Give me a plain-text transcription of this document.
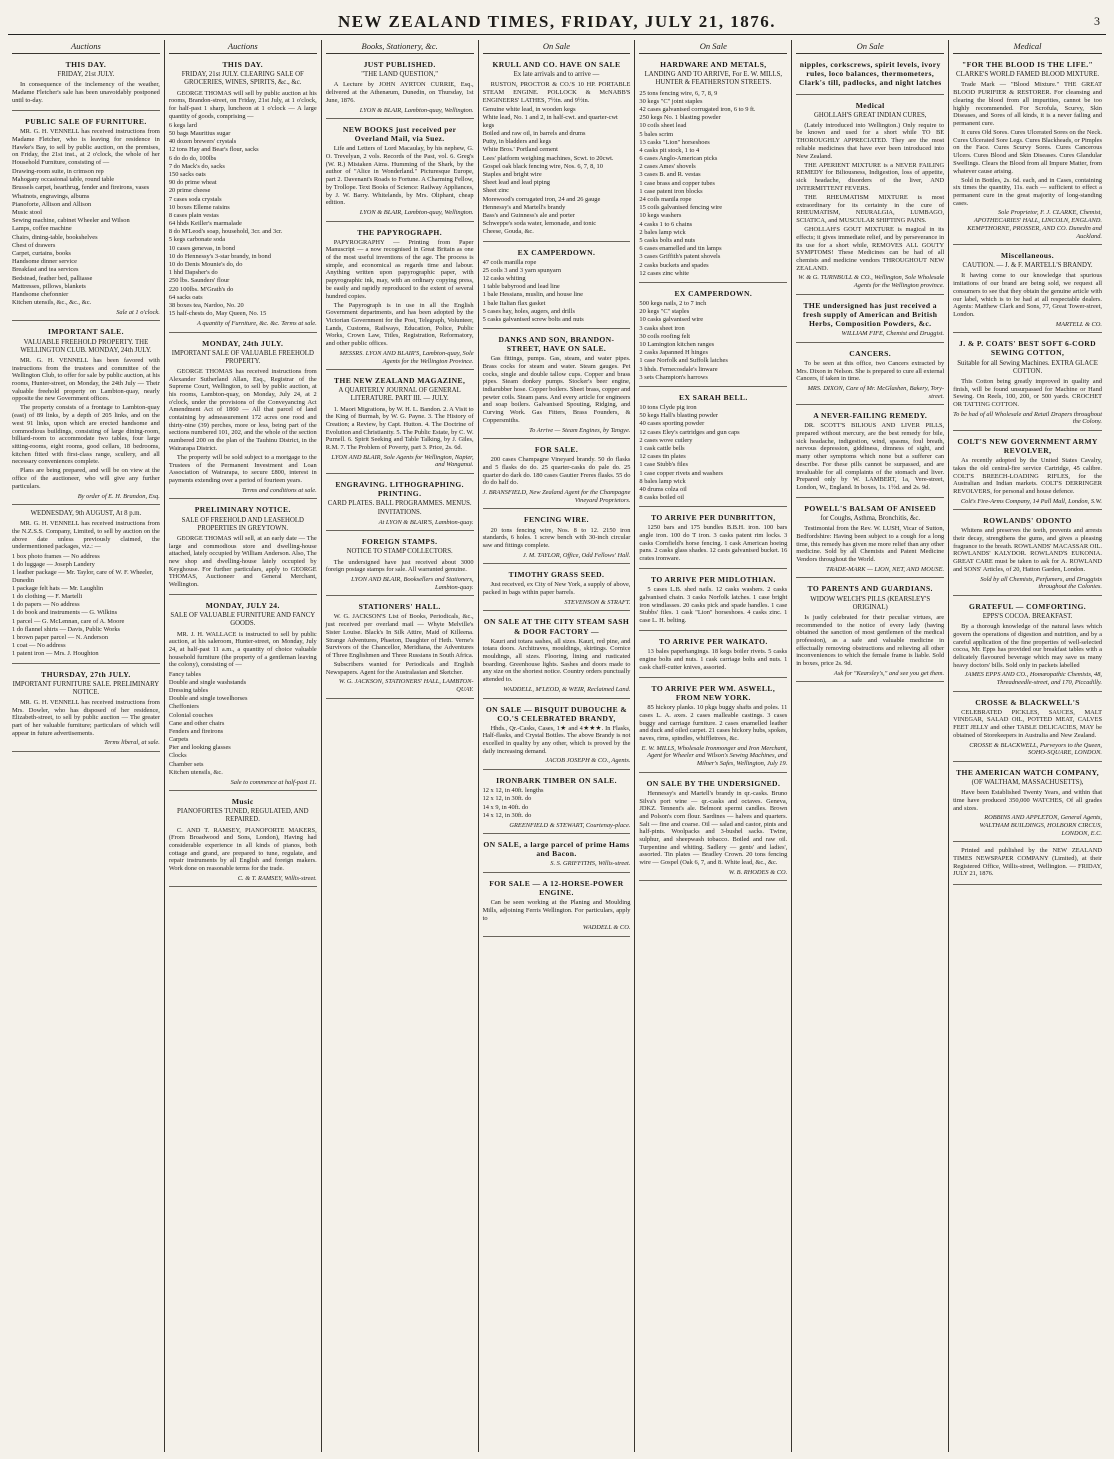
NEW ZEALAND TIMES, FRIDAY, JULY 21, 1876.	3
Auctions
THIS DAY.
FRIDAY, 21st JULY.

In consequence of the inclemency of the weather, Madame Fletcher's sale has been unavoidably postponed until to-day.

PUBLIC SALE OF FURNITURE.

MR. G. H. VENNELL has received instructions from Madame Fletcher, who is leaving for residence in Hawke's Bay, to sell by public auction, on the premises, on Friday, the 21st inst., at 2 o'clock, the whole of her Household Furniture, consisting of —

Drawing-room suite, in crimson rep
Mahogany occasional table, round table
Brussels carpet, hearthrug, fender and fireirons, vases
Whatnots, engravings, albums
Pianoforte, Allison and Allison
Music stool
Sewing machine, cabinet Wheeler and Wilson
Lamps, coffee machine
Chairs, dining-table, bookshelves
Chest of drawers
Carpet, curtains, books
Handsome dinner service
Breakfast and tea services
Bedstead, feather bed, palliasse
Mattresses, pillows, blankets
Handsome chefonnier
Kitchen utensils, &c., &c., &c.
Sale at 1 o'clock.
IMPORTANT SALE.
VALUABLE FREEHOLD PROPERTY. THE WELLINGTON CLUB. MONDAY, 24th JULY.

MR. G. H. VENNELL has been favored with instructions from the trustees and committee of the Wellington Club, to offer for sale by public auction, at his rooms, Hunter-street, on Monday, the 24th July — Their valuable freehold property on Lambton-quay, nearly opposite the new Government offices.

The property consists of a frontage to Lambton-quay (east) of 89 links, by a depth of 205 links, and on the west 91 links, upon which are erected handsome and commodious buildings, consisting of large dining-room, billiard-room to accommodate two tables, four large sitting-rooms, eight rooms, good cellars, 18 bedrooms, kitchen fitted with first-class range, scullery, and all necessary conveniences complete.

Plans are being prepared, and will be on view at the office of the auctioneer, who will give any further particulars.

By order of E. H. Brandon, Esq.
WEDNESDAY, 9th AUGUST, At 8 p.m.

MR. G. H. VENNELL has received instructions from the N.Z.S.S. Company, Limited, to sell by auction on the above date unless previously claimed, the undermentioned packages, viz.: —

1 box photo frames — No address
1 do luggage — Joseph Landery
1 leather package — Mr. Taylor, care of W. F. Wheeler, Dunedin
1 package felt hats — Mr. Laughlin
1 do clothing — F. Martelli
1 do papers — No address
1 do book and instruments — G. Wilkins
1 parcel — G. McLennan, care of A. Moore
1 do flannel shirts — Davis, Public Works
1 brown paper parcel — N. Anderson
1 coat — No address
1 patent iron — Mrs. J. Houghton
THURSDAY, 27th JULY.
IMPORTANT FURNITURE SALE. PRELIMINARY NOTICE.

MR. G. H. VENNELL has received instructions from Mrs. Dowler, who has disposed of her residence, Elizabeth-street, to sell by public auction — The greater part of her valuable furniture; particulars of which will appear in future advertisements.

Terms liberal, at sale.
Auctions
THIS DAY.
FRIDAY, 21st JULY. CLEARING SALE OF GROCERIES, WINES, SPIRITS, &c., &c.

GEORGE THOMAS will sell by public auction at his rooms, Brandon-street, on Friday, 21st July, at 1 o'clock, for half-past 1 sharp, luncheon at 1 o'clock — A large quantity of goods, comprising —

6 kegs lard
50 bags Mauritius sugar
40 dozen brewers' crystals
12 tons Hay and Bear's flour, sacks
6 do do do, 100lbs
7 do Mack's do, sacks
150 sacks oats
90 do prime wheat
20 prime cheese
7 cases soda crystals
10 boxes Elleme raisins
8 cases plain vestas
64 hhds Keiller's marmalade
8 do M'Leod's soap, household, 3cr. and 3cr.
5 kegs carbonate soda
10 cases genevas, in bond
10 do Hennessy's 3-star brandy, in bond
10 do Denis Mounie's do, do
1 hhd Dapsher's do
250 lbs. Saunders' flour
220 100lbs. M'Grath's do
64 sacks oats
38 boxes tea, Nardoo, No. 20
15 half-chests do, May Queen, No. 15
A quantity of Furniture, &c. &c. Terms at sale.
MONDAY, 24th JULY.
IMPORTANT SALE OF VALUABLE FREEHOLD PROPERTY.

GEORGE THOMAS has received instructions from Alexander Sutherland Allan, Esq., Registrar of the Supreme Court, Wellington, to sell by public auction, at his rooms, Lambton-quay, on Monday, July 24, at 2 o'clock, under the provisions of the Conveyancing Act Amendment Act of 1860 — All that parcel of land containing by admeasurement 172 acres one rood and thirty-nine (39) perches, more or less, being part of the sections numbered 101, 202, and the whole of the section numbered 200 on the plan of the Tauhinu District, in the Wairarapa District.

The property will be sold subject to a mortgage to the Trustees of the Permanent Investment and Loan Association of Wairarapa, to secure £800, interest in payments extending over a period of fourteen years.

Terms and conditions at sale.
PRELIMINARY NOTICE.
SALE OF FREEHOLD AND LEASEHOLD PROPERTIES IN GREYTOWN.

GEORGE THOMAS will sell, at an early date — The large and commodious store and dwelling-house attached, lately occupied by William Anderson. Also, The new shop and dwelling-house lately occupied by Keyghouse. For further particulars, apply to GEORGE THOMAS, Auctioneer and General Merchant, Wellington.

MONDAY, JULY 24.
SALE OF VALUABLE FURNITURE AND FANCY GOODS.

MR. J. H. WALLACE is instructed to sell by public auction, at his saleroom, Hunter-street, on Monday, July 24, at half-past 11 a.m., a quantity of choice valuable household furniture (the property of a gentleman leaving the colony), consisting of —

Fancy tables
Double and single washstands
Dressing tables
Double and single towelhorses
Cheffoniers
Colonial couches
Cane and other chairs
Fenders and fireirons
Carpets
Pier and looking glasses
Clocks
Chamber sets
Kitchen utensils, &c.
Sale to commence at half-past 11.
Music
PIANOFORTES TUNED, REGULATED, AND REPAIRED.

C. AND T. RAMSEY, PIANOFORTE MAKERS, (From Broadwood and Sons, London), Having had considerable experience in all kinds of pianos, both cottage and grand, are prepared to tune, regulate, and repair instruments by all English and foreign makers. Work done on reasonable terms for the trade.

C. & T. RAMSEY, Willis-street.
Books, Stationery, &c.
JUST PUBLISHED.
"THE LAND QUESTION,"

A Lecture by JOHN AYRTON CURRIE, Esq., delivered at the Athenæum, Dunedin, on Thursday, 1st June, 1876.

LYON & BLAIR, Lambton-quay, Wellington.
NEW BOOKS just received per Overland Mail, via Suez.

Life and Letters of Lord Macaulay, by his nephew, G. O. Trevelyan, 2 vols. Records of the Past, vol. 6. Greg's (W. R.) Mistaken Aims. Humming of the Shark, by the author of "Alice in Wonderland." Picturesque Europe, part 2. Davenant's Roads to Fortune. A Charming Fellow, by Trollope. Text Books of Science: Railway Appliances, by J. W. Barry. Whitelands, by Mrs. Oliphant, cheap edition.

LYON & BLAIR, Lambton-quay, Wellington.
THE PAPYROGRAPH.

PAPYROGRAPHY — Printing from Paper Manuscript — a now recognised in Great Britain as one of the most useful inventions of the age. The process is simple, and economical as regards time and labour. Anything written upon papyrographic paper, with papyrographic ink, may, with an ordinary copying press, be easily and rapidly reproduced to the extent of several hundred copies.

The Papyrograph is in use in all the English Government departments, and has been adopted by the Victorian Government for the Post, Telegraph, Volunteer, Lands, Customs, Railways, Education, Police, Public Works, Crown Law, Titles, Registration, Reformatory, and other public offices.

MESSRS. LYON AND BLAIR'S, Lambton-quay, Sole Agents for the Wellington Province.
THE NEW ZEALAND MAGAZINE,
A QUARTERLY JOURNAL OF GENERAL LITERATURE. PART III. — JULY.

1. Maori Migrations, by W. H. L. Bandon. 2. A Visit to the King of Burmah, by W. G. Payne. 3. The History of Creation; a Review, by Capt. Hutton. 4. The Doctrine of Evolution and Christianity. 5. The Public Estate, by C. W. Purnell. 6. Spirit Seeking and Table Talking, by J. Giles, R.M. 7. The Problem of Poverty, part 3. Price, 2s. 6d.

LYON AND BLAIR, Sole Agents for Wellington, Napier, and Wanganui.
ENGRAVING. LITHOGRAPHING. PRINTING.
CARD PLATES. BALL PROGRAMMES. MENUS. INVITATIONS.
At LYON & BLAIR'S, Lambton-quay.
FOREIGN STAMPS.
NOTICE TO STAMP COLLECTORS.

The undersigned have just received about 3000 foreign postage stamps for sale. All warranted genuine.

LYON AND BLAIR, Booksellers and Stationers, Lambton-quay.
STATIONERS' HALL.

W. G. JACKSON'S List of Books, Periodicals, &c., just received per overland mail — Whyte Melville's Sister Louise. Black's In Silk Attire, Maid of Killeena. Strange Adventures, Phaeton, Daughter of Heth. Verne's Survivors of the Chancellor, Meridiana, the Adventures of Three Englishmen and Three Russians in South Africa.

Subscribers wanted for Periodicals and English Newspapers. Agent for the Australasian and Sketcher.

W. G. JACKSON, STATIONERS' HALL, LAMBTON-QUAY.
On Sale
KRULL AND CO. HAVE ON SALE
Ex late arrivals and to arrive —

RUSTON, PROCTOR & CO.'S 10 HP. PORTABLE STEAM ENGINE. POLLOCK & McNABB'S ENGINEERS' LATHES, 7½in. and 9½in.

Genuine white lead, in wooden kegs
White lead, No. 1 and 2, in half-cwt. and quarter-cwt kegs
Boiled and raw oil, in barrels and drums
Putty, in bladders and kegs
White Bros.' Portland cement
Lees' platform weighing machines, Scwt. to 20cwt.
Gospel oak black fencing wire, Nos. 6, 7, 8, 10
Staples and bright wire
Sheet lead and lead piping
Sheet zinc
Morewood's corrugated iron, 24 and 26 gauge
Hennessy's and Martell's brandy
Bass's and Guinness's ale and porter
Schweppe's soda water, lemonade, and tonic
Cheese, Gouda, &c.
EX CAMPERDOWN.
47 coils manilla rope
25 coils 3 and 3 yarn spunyarn
12 casks whiting
1 table babyrood and lead line
1 bale Hessians, muslin, and house line
1 bale Italian flax gasket
5 cases hay, holes, augers, and drills
5 casks galvanised screw bolts and nuts
DANKS AND SON, BRANDON-STREET, HAVE ON SALE.

Gas fittings, pumps. Gas, steam, and water pipes. Brass cocks for steam and water. Steam gauges. Pet cocks, single and double tallow cups. Copper and brass pipes. Steam donkey pumps. Stocker's beer engine, indiarubber hose. Copper boilers. Sheet brass, copper and pewter coils. Steam pans. And every article for engineers and soap boilers. Galvanised Spouting, Ridging, and Curving Work. Gas Fitters, Brass Founders, & Coppersmiths.

To Arrive — Steam Engines, by Tangye.
FOR SALE.

200 cases Champagne Vineyard brandy. 50 do flasks and 5 flasks do do. 25 quarter-casks do pale do. 25 quarter do dark do. 180 cases Gautier Freres flasks. 55 do do do half do.

J. BRANSFIELD, New Zealand Agent for the Champagne Vineyard Proprietors.
FENCING WIRE.

20 tons fencing wire, Nos. 8 to 12. 2150 iron standards, 6 holes. 1 screw bench with 30-inch circular saw and fittings complete.

J. M. TAYLOR, Office, Odd Fellows' Hall.
TIMOTHY GRASS SEED.

Just received, ex City of New York, a supply of above, packed in bags within paper barrels.

STEVENSON & STRAFT.
ON SALE AT THE CITY STEAM SASH & DOOR FACTORY —

Kauri and totara sashes, all sizes. Kauri, red pine, and totara doors. Architraves, mouldings, skirtings. Cornice mouldings, all sizes. Flooring, lining and rusticated boarding. Greenhouse lights. Sashes and doors made to any size on the shortest notice. Country orders punctually attended to.

WADDELL, M'LEOD, & WEIR, Reclaimed Land.
ON SALE — BISQUIT DUBOUCHE & CO.'S CELEBRATED BRANDY,

Hhds., Qr.-Casks, Cases, 1★ and 4★★★. In Flasks, Half-flasks, and Crystal Bottles. The above Brandy is not excelled in quality by any other, which is proved by the daily increasing demand.

JACOB JOSEPH & CO., Agents.
IRONBARK TIMBER ON SALE.
12 x 12, in 40ft. lengths
12 x 12, in 30ft. do
14 x 9, in 40ft. do
14 x 12, in 30ft. do
GREENFIELD & STEWART, Courtenay-place.
ON SALE, a large parcel of prime Hams and Bacon.
S. S. GRIFFITHS, Willis-street.
FOR SALE — A 12-HORSE-POWER ENGINE.

Can be seen working at the Planing and Moulding Mills, adjoining Ferris Wellington. For particulars, apply to

WADDELL & CO.
On Sale
HARDWARE AND METALS,
LANDING AND TO ARRIVE, For E. W. MILLS, HUNTER & FEATHERSTON STREETS.
25 tons fencing wire, 6, 7, 8, 9
30 kegs "C" joint staples
42 cases galvanised corrugated iron, 6 to 9 ft.
250 kegs No. 1 blasting powder
10 coils sheet lead
5 bales scrim
13 casks "Lion" horseshoes
4 casks pit stock, 1 to 4
6 cases Anglo-American picks
2 cases Ames' shovels
3 cases B. and R. vestas
1 case brass and copper tubes
1 case patent iron blocks
24 coils manila rope
15 coils galvanised fencing wire
10 kegs washers
4 casks 1 to 6 chains
2 bales lamp wick
5 casks bolts and nuts
6 cases enamelled and tin lamps
3 cases Griffith's patent shovels
2 casks buckets and spades
12 cases zinc white
EX CAMPERDOWN.
500 kegs nails, 2 to 7 inch
20 kegs "C" staples
10 casks galvanised wire
3 casks sheet iron
30 coils roofing felt
10 Lamington kitchen ranges
2 casks Japanned H hinges
1 case Norfolk and Suffolk latches
3 hhds. Fernecosdale's linware
3 sets Champion's harrows
EX SARAH BELL.
10 tons Clyde pig iron
50 kegs Hall's blasting powder
40 cases sporting powder
12 cases Eley's cartridges and gun caps
2 cases wove cutlery
1 cask cattle bells
12 cases tin plates
1 case Stubb's files
1 case copper rivets and washers
8 bales lamp wick
40 drums colza oil
8 casks boiled oil
TO ARRIVE PER DUNBRITTON,

1250 bars and 175 bundles B.B.H. iron. 100 bars angle iron. 100 do T iron. 3 casks patent rim locks. 3 casks Cornfield's horse fencing. 1 cask American hoeing pans. 2 casks glass shades. 12 casts galvanised bucket. 16 crates ironware.

TO ARRIVE PER MIDLOTHIAN.

5 cases L.B. shed nails. 12 casks washers. 2 casks galvanised chain. 3 casks Norfolk latches. 1 case bright iron windlasses. 20 casks pick and spade handles. 1 case Stubbs' files. 1 cask "Lion" horseshoes. 4 casks zinc. 1 case L. H. belting.

TO ARRIVE PER WAIKATO.

13 bales paperhangings. 18 kegs boiler rivets. 5 casks engine bolts and nuts. 1 cask carriage bolts and nuts. 1 cask chaff-cutter knives, assorted.

TO ARRIVE PER WM. ASWELL, FROM NEW YORK.

85 hickory planks. 10 pkgs buggy shafts and poles. 11 cases L. A. axes. 2 cases malleable castings. 3 cases buggy and carriage furniture. 2 cases enamelled leather and duck and oiled carpet. 21 cases hickory hubs, spokes, naves, rims, spindles, whiffletrees, &c.

E. W. MILLS, Wholesale Ironmonger and Iron Merchant, Agent for Wheeler and Wilson's Sewing Machines, and Milner's Safes, Wellington, July 19.
ON SALE BY THE UNDERSIGNED.

Hennessy's and Martell's brandy in qr.-casks. Bruno Silva's port wine — qr.-casks and octaves. Geneva, JDKZ. Tennent's ale. Belmont spermi candles. Brown and Polson's corn flour. Sardines — halves and quarters. Salt — fine and coarse. Oil — salad and castor, pints and half-pints. Woolpacks and 3-bushel sacks. Twine, sulphur, and sheepwash tobacco. Boiled and raw oil. Turpentine and whiting. Sadlery — gents' and ladies', assorted. Tin plates — Bradley Crown. 20 tons fencing wire — Gospel (Oak 6, 7, and 8. White lead, &c., &c.

W. B. RHODES & CO.
On Sale
nipples, corkscrews, spirit levels, ivory rules, loco balances, thermometers, Clark's till, padlocks, and night latches
Medical
GHOLLAH'S GREAT INDIAN CURES,

(Lately introduced into Wellington.) Only require to be known and used for a short while TO BE THOROUGHLY APPRECIATED. They are the most reliable medicines that have ever been introduced into New Zealand.

THE APERIENT MIXTURE is a NEVER FAILING REMEDY for Biliousness, Indigestion, loss of appetite, sick headache, disorders of the liver, AND INTERMITTENT FEVERS.

THE RHEUMATISM MIXTURE is most extraordinary for its certainty in the cure of RHEUMATISM, NEURALGIA, LUMBAGO, SCIATICA, and MUSCULAR SHIFTING PAINS.

GHOLLAH'S GOUT MIXTURE is magical in its effects; it gives immediate relief, and by perseverance in its use for a short while, REMOVES ALL GOUTY SYMPTOMS! These Medicines can be had of all chemists and medicine vendors THROUGHOUT NEW ZEALAND.

W. & G. TURNBULL & CO., Wellington, Sole Wholesale Agents for the Wellington province.
THE undersigned has just received a fresh supply of American and British Herbs, Composition Powders, &c.
WILLIAM FIFE, Chemist and Druggist.
CANCERS.

To be seen at this office, two Cancers extracted by Mrs. Dixon in Nelson. She is prepared to cure all external Cancers, if taken in time.

MRS. DIXON, Care of Mr. McGlashen, Bakery, Tory-street.
A NEVER-FAILING REMEDY.

DR. SCOTT'S BILIOUS AND LIVER PILLS, prepared without mercury, are the best remedy for bile, sick headache, indigestion, wind, spasms, foul breath, nervous depression, giddiness, dimness of sight, and many other symptoms which none but a sufferer can describe. For these pills cannot be surpassed, and are invaluable for all complaints of the stomach and liver. Prepared only by W. LAMBERT, 1a, Vere-street, London, W., England. In boxes, 1s. 1½d. and 2s. 9d.

POWELL'S BALSAM OF ANISEED
for Coughs, Asthma, Bronchitis, &c.

Testimonial from the Rev. W. LUSH, Vicar of Sutton, Bedfordshire: Having been subject to a cough for a long time, this remedy has given me more relief than any other medicine. Sold by all Chemists and Patent Medicine Vendors throughout the World.

TRADE-MARK — LION, NET, AND MOUSE.
TO PARENTS AND GUARDIANS.
WIDOW WELCH'S PILLS (KEARSLEY'S ORIGINAL)

Is justly celebrated for their peculiar virtues, are recommended to the notice of every lady (having obtained the sanction of most gentlemen of the medical profession), as a safe and valuable medicine in effectually removing obstructions and relieving all other inconveniences to which the female frame is liable. Sold in boxes, price 2s. 9d.

Ask for "Kearsley's," and see you get them.
Medical
"FOR THE BLOOD IS THE LIFE."
CLARKE'S WORLD FAMED BLOOD MIXTURE.

Trade Mark — "Blood Mixture." THE GREAT BLOOD PURIFIER & RESTORER. For cleansing and clearing the blood from all impurities, cannot be too highly recommended. For Scrofula, Scurvy, Skin Diseases, and Sores of all kinds, it is a never failing and permanent cure.

It cures Old Sores. Cures Ulcerated Sores on the Neck. Cures Ulcerated Sore Legs. Cures Blackheads, or Pimples on the Face. Cures Scurvy Sores. Cures Cancerous Ulcers. Cures Blood and Skin Diseases. Cures Glandular Swellings. Clears the Blood from all Impure Matter, from whatever cause arising.

Sold in Bottles, 2s. 6d. each, and in Cases, containing six times the quantity, 11s. each — sufficient to effect a permanent cure in the great majority of long-standing cases.

Sole Proprietor, F. J. CLARKE, Chemist, APOTHECARIES' HALL, LINCOLN, ENGLAND. KEMPTHORNE, PROSSER, AND CO. Dunedin and Auckland.
Miscellaneous.
CAUTION. — J. & F. MARTELL'S BRANDY.

It having come to our knowledge that spurious imitations of our brand are being sold, we request all consumers to see that they obtain the genuine article with our label, which is to be had at all respectable dealers. Agents: Matthew Clark and Sons, 77, Great Tower-street, London.

MARTELL & CO.
J. & P. COATS' BEST SOFT 6-CORD SEWING COTTON,
Suitable for all Sewing Machines. EXTRA GLACE COTTON.

This Cotton being greatly improved in quality and finish, will be found unsurpassed for Machine or Hand Sewing. On Reels, 100, 200, or 500 yards. CROCHET OR TATTING COTTON.

To be had of all Wholesale and Retail Drapers throughout the Colony.
COLT'S NEW GOVERNMENT ARMY REVOLVER,

As recently adopted by the United States Cavalry, takes the old central-fire service Cartridge, 45 calibre. COLT'S BREECH-LOADING RIFLES, for the Australian and Indian markets. COLT'S DERRINGER REVOLVERS, for personal and house defence.

Colt's Fire-Arms Company, 14 Pall Mall, London, S.W.
ROWLANDS' ODONTO

Whitens and preserves the teeth, prevents and arrests their decay, strengthens the gums, and gives a pleasing fragrance to the breath. ROWLANDS' MACASSAR OIL. ROWLANDS' KALYDOR. ROWLAND'S EUKONIA. GREAT CARE must be taken to ask for A. ROWLAND and SONS' Articles, of 20, Hatton Garden, London.

Sold by all Chemists, Perfumers, and Druggists throughout the Colonies.
GRATEFUL — COMFORTING.
EPPS'S COCOA. BREAKFAST.

By a thorough knowledge of the natural laws which govern the operations of digestion and nutrition, and by a careful application of the fine properties of well-selected cocoa, Mr. Epps has provided our breakfast tables with a delicately flavoured beverage which may save us many heavy doctors' bills. Sold only in packets labelled

JAMES EPPS AND CO., Homœopathic Chemists, 48, Threadneedle-street, and 170, Piccadilly.
CROSSE & BLACKWELL'S

CELEBRATED PICKLES, SAUCES, MALT VINEGAR, SALAD OIL, POTTED MEAT, CALVES FEET JELLY and other TABLE DELICACIES, MAY be obtained of Storekeepers in Australia and New Zealand.

CROSSE & BLACKWELL, Purveyors to the Queen, SOHO-SQUARE, LONDON.
THE AMERICAN WATCH COMPANY,
(OF WALTHAM, MASSACHUSETTS),

Have been Established Twenty Years, and within that time have produced 350,000 WATCHES, Of all grades and sizes.

ROBBINS AND APPLETON, General Agents, WALTHAM BUILDINGS, HOLBORN CIRCUS, LONDON, E.C.

Printed and published by the NEW ZEALAND TIMES NEWSPAPER COMPANY (Limited), at their Registered Office, Willis-street, Wellington. — FRIDAY, JULY 21, 1876.
